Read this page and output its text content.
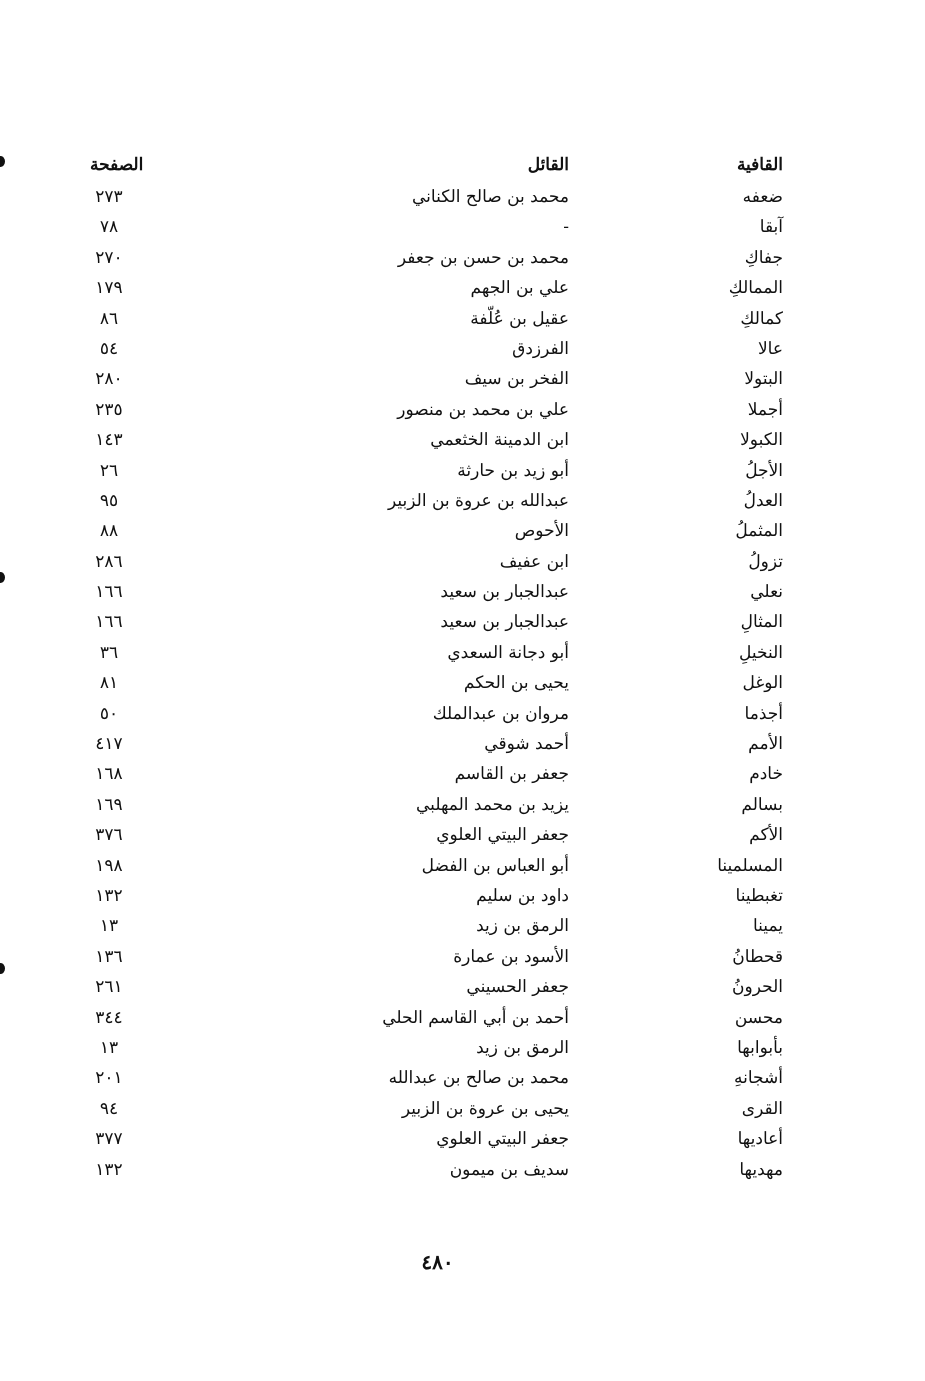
القافية
القائل
الصفحة
ضعفه
محمد بن صالح الكناني
٢٧٣
آبقا
-
٧٨
جفاكِ
محمد بن حسن بن جعفر
٢٧٠
الممالكِ
علي بن الجهم
١٧٩
كمالكِ
عقيل بن عُلّفة
٨٦
عالا
الفرزدق
٥٤
البتولا
الفخر بن سيف
٢٨٠
أجملا
علي بن محمد بن منصور
٢٣٥
الكبولا
ابن الدمينة الخثعمي
١٤٣
الأجلُ
أبو زيد بن حارثة
٢٦
العدلُ
عبدالله بن عروة بن الزبير
٩٥
المثملُ
الأحوص
٨٨
تزولُ
ابن عفيف
٢٨٦
نعلي
عبدالجبار بن سعيد
١٦٦
المثالِ
عبدالجبار بن سعيد
١٦٦
النخيلِ
أبو دجانة السعدي
٣٦
الوغل
يحيى بن الحكم
٨١
أجذما
مروان بن عبدالملك
٥٠
الأمم
أحمد شوقي
٤١٧
خادم
جعفر بن القاسم
١٦٨
بسالم
يزيد بن محمد المهلبي
١٦٩
الأكم
جعفر البيتي العلوي
٣٧٦
المسلمينا
أبو العباس بن الفضل
١٩٨
تغبطينا
داود بن سليم
١٣٢
يمينا
الرمق بن زيد
١٣
قحطانُ
الأسود بن عمارة
١٣٦
الحرونُ
جعفر الحسيني
٢٦١
محسن
أحمد بن أبي القاسم الحلي
٣٤٤
بأبوابها
الرمق بن زيد
١٣
أشجانهِ
محمد بن صالح بن عبدالله
٢٠١
القرى
يحيى بن عروة بن الزبير
٩٤
أعاديها
جعفر البيتي العلوي
٣٧٧
مهديها
سديف بن ميمون
١٣٢
٤٨٠
